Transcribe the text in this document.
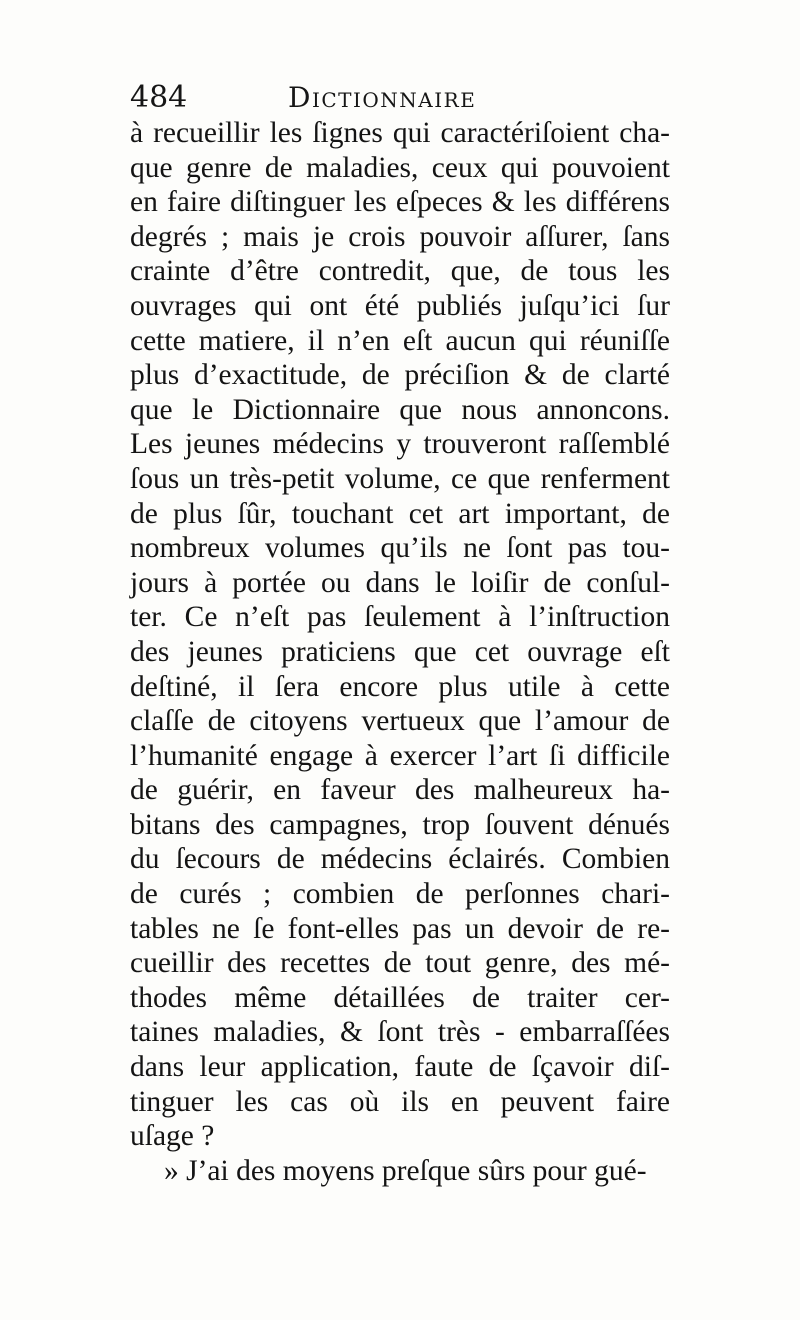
484	Dictionnaire
à recueillir les ſignes qui caractériſoient cha-
que genre de maladies, ceux qui pouvoient
en faire diſtinguer les eſpeces & les différens
degrés ; mais je crois pouvoir aſſurer, ſans
crainte d’être contredit, que, de tous les
ouvrages qui ont été publiés juſqu’ici ſur
cette matiere, il n’en eſt aucun qui réuniſſe
plus d’exactitude, de préciſion & de clarté
que le Dictionnaire que nous annoncons.
Les jeunes médecins y trouveront raſſemblé
ſous un très-petit volume, ce que renferment
de plus ſûr, touchant cet art important, de
nombreux volumes qu’ils ne ſont pas tou-
jours à portée ou dans le loiſir de conſul-
ter. Ce n’eſt pas ſeulement à l’inſtruction
des jeunes praticiens que cet ouvrage eſt
deſtiné, il ſera encore plus utile à cette
claſſe de citoyens vertueux que l’amour de
l’humanité engage à exercer l’art ſi difficile
de guérir, en faveur des malheureux ha-
bitans des campagnes, trop ſouvent dénués
du ſecours de médecins éclairés. Combien
de curés ; combien de perſonnes chari-
tables ne ſe font-elles pas un devoir de re-
cueillir des recettes de tout genre, des mé-
thodes même détaillées de traiter cer-
taines maladies, & ſont très - embarraſſées
dans leur application, faute de ſçavoir diſ-
tinguer les cas où ils en peuvent faire
uſage ?
» J’ai des moyens preſque sûrs pour gué-
